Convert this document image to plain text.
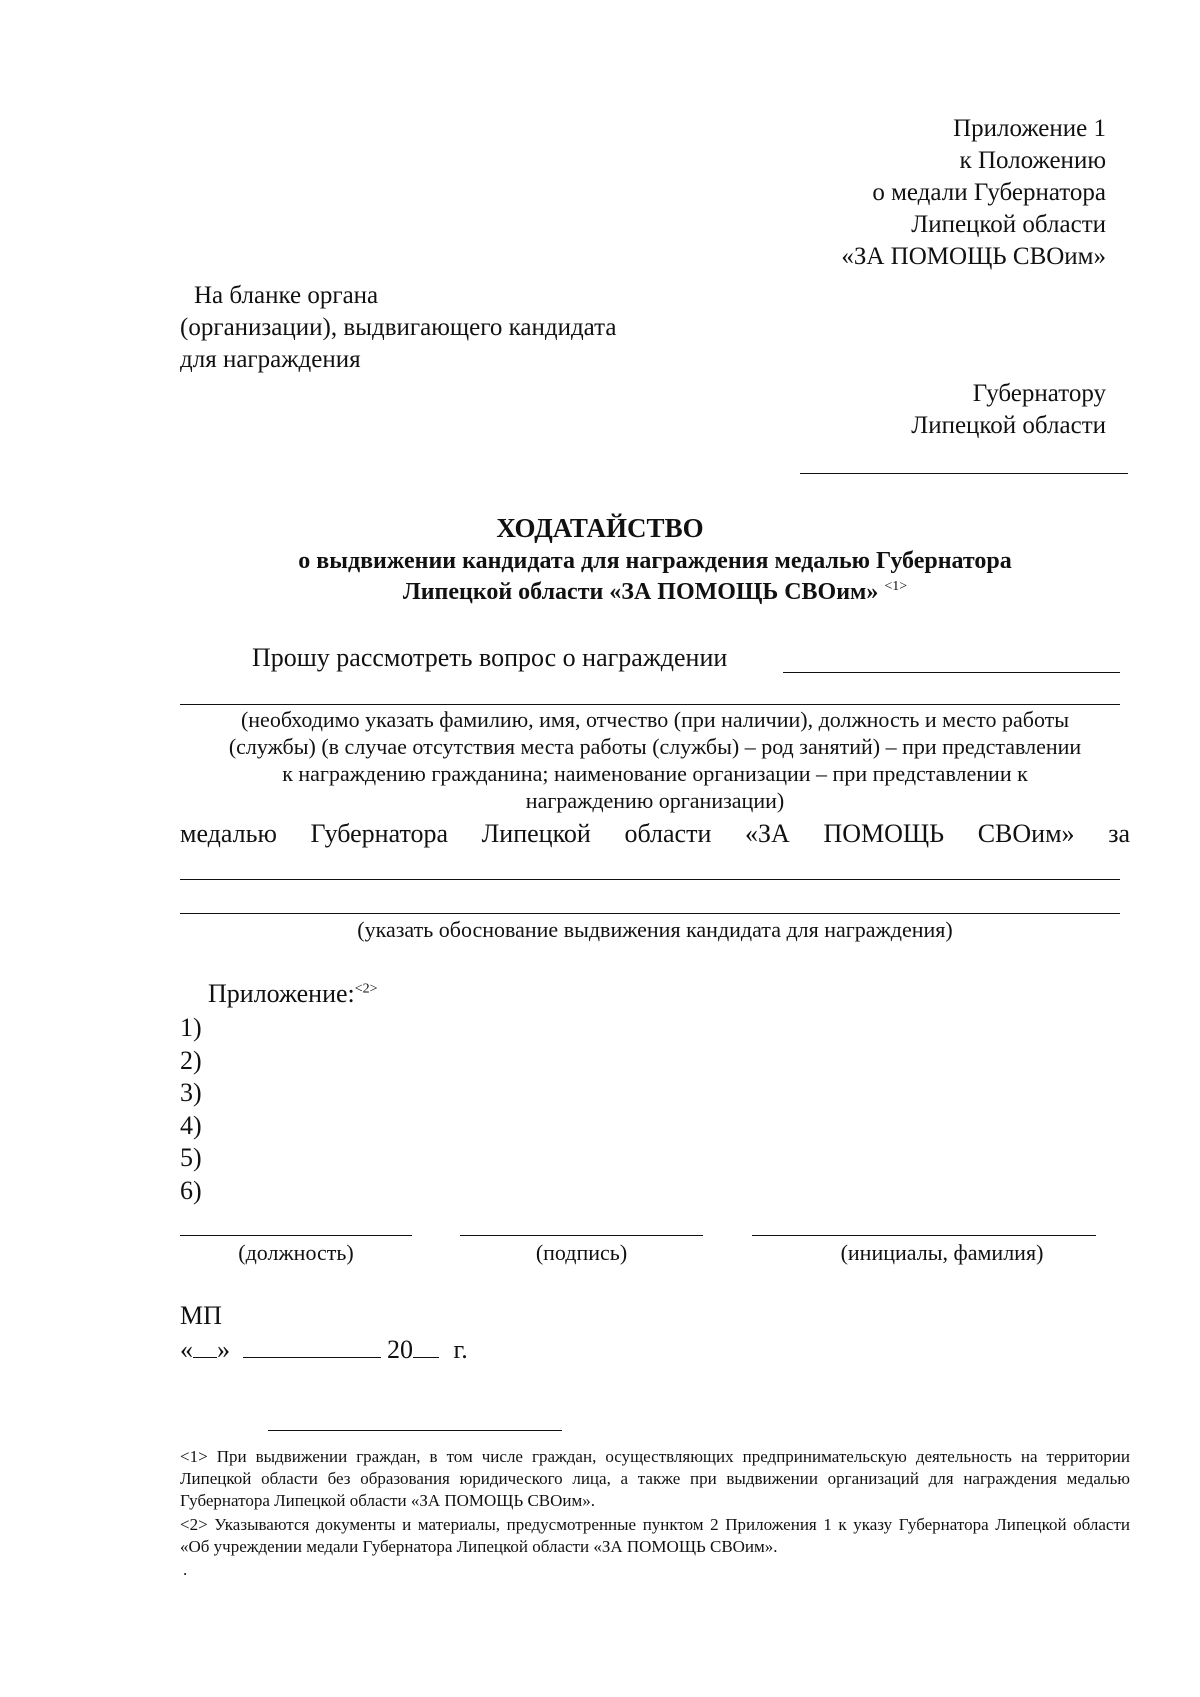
Приложение 1
к Положению
о медали Губернатора
Липецкой области
«ЗА ПОМОЩЬ СВОим»
На бланке органа
(организации), выдвигающего кандидата
для награждения
Губернатору
Липецкой области
ХОДАТАЙСТВО
о выдвижении кандидата для награждения медалью Губернатора
Липецкой области «ЗА ПОМОЩЬ СВОим» $^{<1>}$
Прошу рассмотреть вопрос о награждении
(необходимо указать фамилию, имя, отчество (при наличии), должность и место работы
(службы) (в случае отсутствия места работы (службы) – род занятий) – при представлении
к награждению гражданина; наименование организации – при представлении к
награждению организации)
медалью Губернатора Липецкой области «ЗА ПОМОЩЬ СВОим» за
(указать обоснование выдвижения кандидата для награждения)
Приложение:$^{<2>}$
1)
2)
3)
4)
5)
6)
(должность)	(подпись)	(инициалы, фамилия)
МП
« »	20 г.
<1> При выдвижении граждан, в том числе граждан, осуществляющих предпринимательскую деятельность на территории Липецкой области без образования юридического лица, а также при выдвижении организаций для награждения медалью Губернатора Липецкой области «ЗА ПОМОЩЬ СВОим».
<2> Указываются документы и материалы, предусмотренные пунктом 2 Приложения 1 к указу Губернатора Липецкой области «Об учреждении медали Губернатора Липецкой области «ЗА ПОМОЩЬ СВОим».
.
